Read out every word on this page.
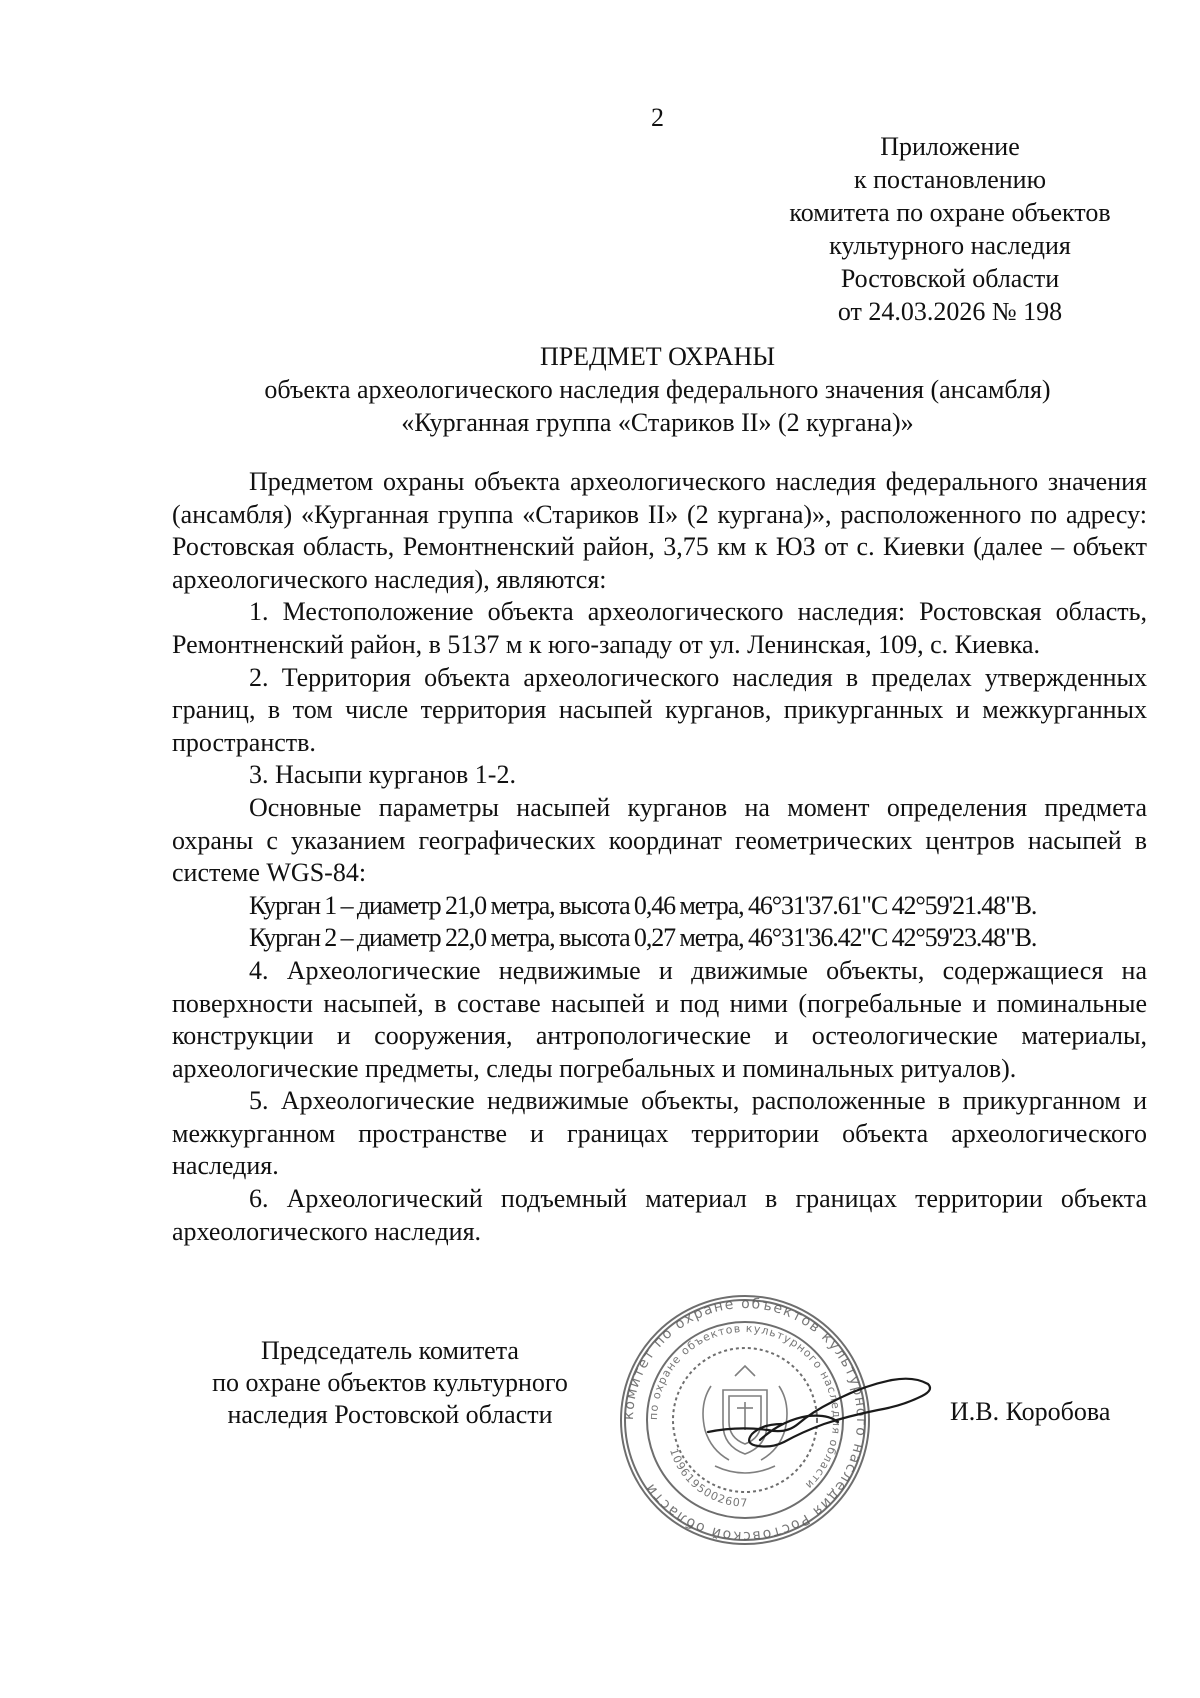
2
Приложение
к постановлению
комитета по охране объектов
культурного наследия
Ростовской области
от 24.03.2026 № 198
ПРЕДМЕТ ОХРАНЫ
объекта археологического наследия федерального значения (ансамбля)
«Курганная группа «Стариков II» (2 кургана)»

Предметом охраны объекта археологического наследия федерального значения (ансамбля) «Курганная группа «Стариков II» (2 кургана)», расположенного по адресу: Ростовская область, Ремонтненский район, 3,75 км к ЮЗ от с. Киевки (далее – объект археологического наследия), являются:

1. Местоположение объекта археологического наследия: Ростовская область, Ремонтненский район, в 5137 м к юго-западу от ул. Ленинская, 109, с. Киевка.

2. Территория объекта археологического наследия в пределах утвержденных границ, в том числе территория насыпей курганов, прикурганных и межкурганных пространств.

3. Насыпи курганов 1-2.

Основные параметры насыпей курганов на момент определения предмета охраны с указанием географических координат геометрических центров насыпей в системе WGS-84:

Курган 1 – диаметр 21,0 метра, высота 0,46 метра, 46°31'37.61"С 42°59'21.48"В.

Курган 2 – диаметр 22,0 метра, высота 0,27 метра, 46°31'36.42"С 42°59'23.48"В.

4. Археологические недвижимые и движимые объекты, содержащиеся на поверхности насыпей, в составе насыпей и под ними (погребальные и поминальные конструкции и сооружения, антропологические и остеологические материалы, археологические предметы, следы погребальных и поминальных ритуалов).

5. Археологические недвижимые объекты, расположенные в прикурганном и межкурганном пространстве и границах территории объекта археологического наследия.

6. Археологический подъемный материал в границах территории объекта археологического наследия.

Председатель комитета
по охране объектов культурного
наследия Ростовской области	комитет по охране объектов культурного наследия Ростовской области
по охране объектов культурного наследия области
1096195002607
И.В. Коробова
